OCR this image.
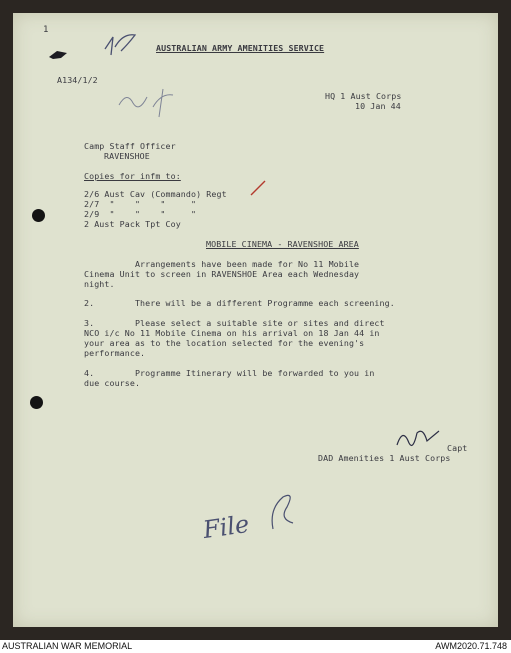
1
A134/1/2
AUSTRALIAN ARMY AMENITIES SERVICE
HQ 1 Aust Corps
10 Jan 44
Camp Staff Officer
RAVENSHOE
Copies for infm to:
2/6 Aust Cav (Commando) Regt
2/7  "    "    "     "
2/9  "    "    "     "
2 Aust Pack Tpt Coy
MOBILE CINEMA - RAVENSHOE AREA
Arrangements have been made for No 11 Mobile
Cinema Unit to screen in RAVENSHOE Area each Wednesday
night.
2.        There will be a different Programme each screening.
3.        Please select a suitable site or sites and direct
NCO i/c No 11 Mobile Cinema on his arrival on 18 Jan 44 in
your area as to the location selected for the evening's
performance.
4.        Programme Itinerary will be forwarded to you in
due course.
Capt
DAD Amenities 1 Aust Corps
File
AUSTRALIAN WAR MEMORIAL	AWM2020.71.748
